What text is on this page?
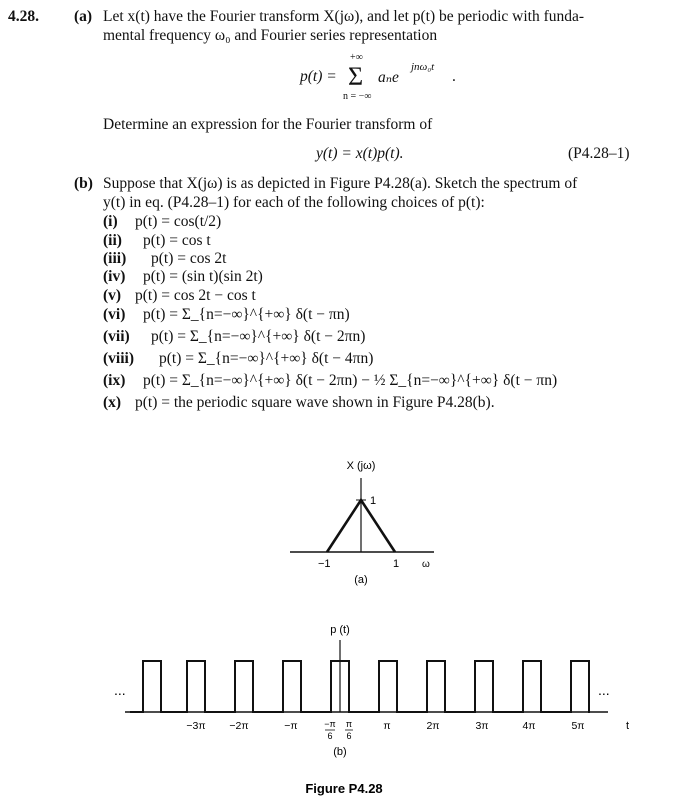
4.28. (a) Let x(t) have the Fourier transform X(jω), and let p(t) be periodic with funda-
mental frequency ω₀ and Fourier series representation
p(t) =
+∞
Σ
n = −∞
aₙe
jnω₀t
.
Determine an expression for the Fourier transform of
y(t) = x(t)p(t).	(P4.28–1)
(b) Suppose that X(jω) is as depicted in Figure P4.28(a). Sketch the spectrum of
y(t) in eq. (P4.28–1) for each of the following choices of p(t):
(i) p(t) = cos(t/2)
(ii) p(t) = cos t
(iii) p(t) = cos 2t
(iv) p(t) = (sin t)(sin 2t)
(v) p(t) = cos 2t − cos t
(vi) p(t) = Σ_{n=−∞}^{+∞} δ(t − πn)
(vii) p(t) = Σ_{n=−∞}^{+∞} δ(t − 2πn)
(viii) p(t) = Σ_{n=−∞}^{+∞} δ(t − 4πn)
(ix) p(t) = Σ_{n=−∞}^{+∞} δ(t − 2πn) − ½ Σ_{n=−∞}^{+∞} δ(t − πn)
(x) p(t) = the periodic square wave shown in Figure P4.28(b).
X (jω)
1
−1	1 ω
(a)
p (t)
...	...
−3π −2π	−π	π	2π	3π	4π	5π
−π
6
π
6
t
(b)
Figure P4.28
